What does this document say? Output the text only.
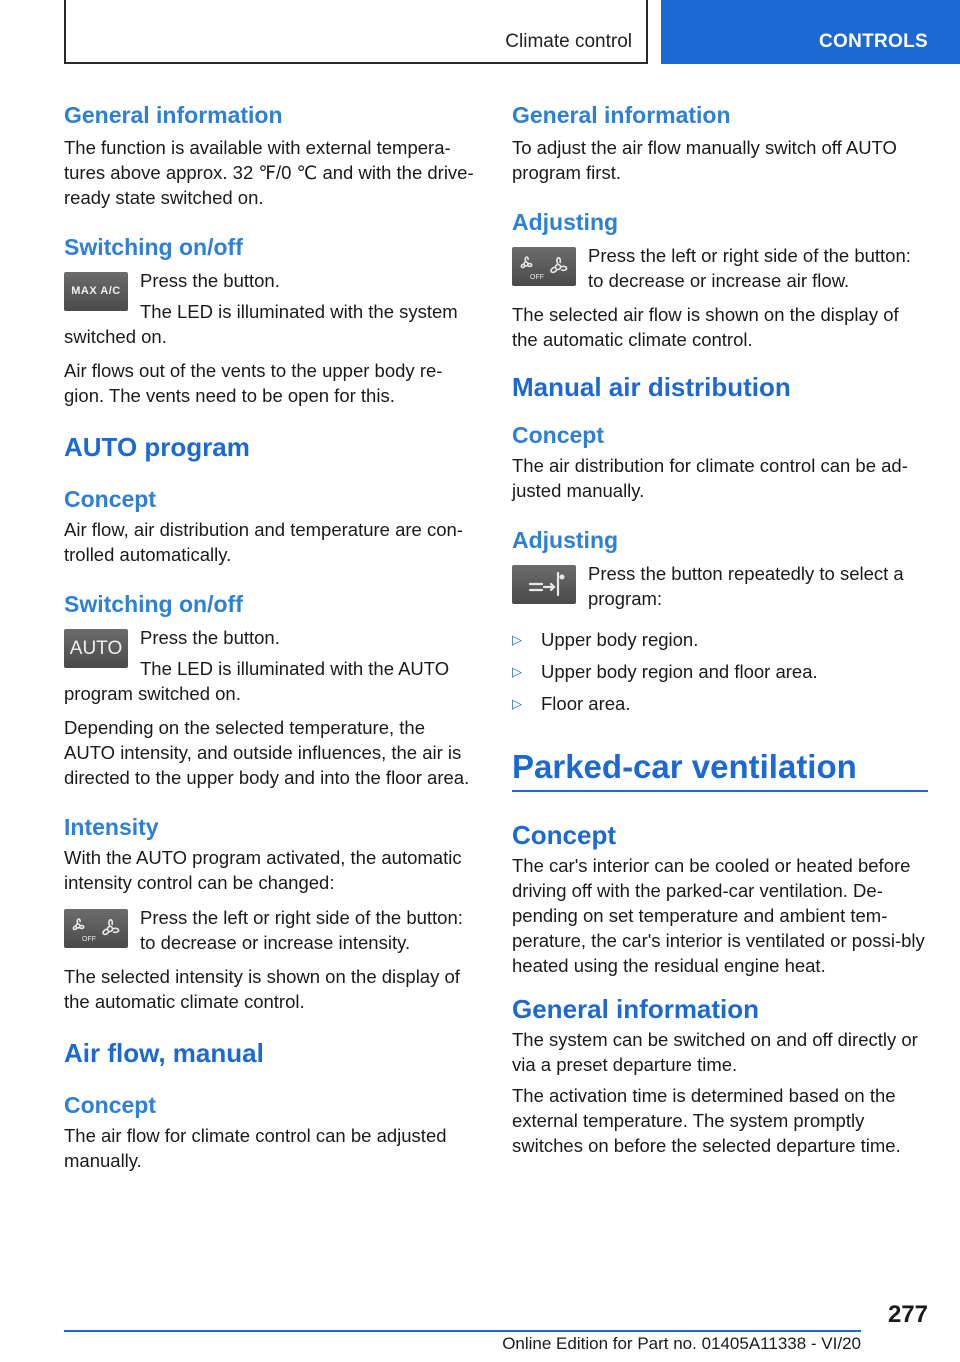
Climate control	CONTROLS
General information
The function is available with external tempera-tures above approx. 32 ℉/0 ℃ and with the drive-ready state switched on.
Switching on/off
MAX A/C	Press the button.
The LED is illuminated with the system switched on.
Air flows out of the vents to the upper body re-gion. The vents need to be open for this.
AUTO program
Concept
Air flow, air distribution and temperature are con-trolled automatically.
Switching on/off
AUTO
Press the button.
The LED is illuminated with the AUTO program switched on.
Depending on the selected temperature, the AUTO intensity, and outside influences, the air is directed to the upper body and into the floor area.
Intensity
With the AUTO program activated, the automatic intensity control can be changed:
OFF
Press the left or right side of the button: to decrease or increase intensity.
The selected intensity is shown on the display of the automatic climate control.
Air flow, manual
Concept
The air flow for climate control can be adjusted manually.
General information
To adjust the air flow manually switch off AUTO program first.
Adjusting
OFF
Press the left or right side of the button: to decrease or increase air flow.
The selected air flow is shown on the display of the automatic climate control.
Manual air distribution
Concept
The air distribution for climate control can be ad-justed manually.
Adjusting
Press the button repeatedly to select a program:
▷ Upper body region.
▷ Upper body region and floor area.
▷ Floor area.
Parked-car ventilation
Concept
The car's interior can be cooled or heated before driving off with the parked-car ventilation. De-pending on set temperature and ambient tem-perature, the car's interior is ventilated or possi-bly heated using the residual engine heat.
General information
The system can be switched on and off directly or via a preset departure time.
The activation time is determined based on the external temperature. The system promptly switches on before the selected departure time.
277
Online Edition for Part no. 01405A11338 - VI/20
